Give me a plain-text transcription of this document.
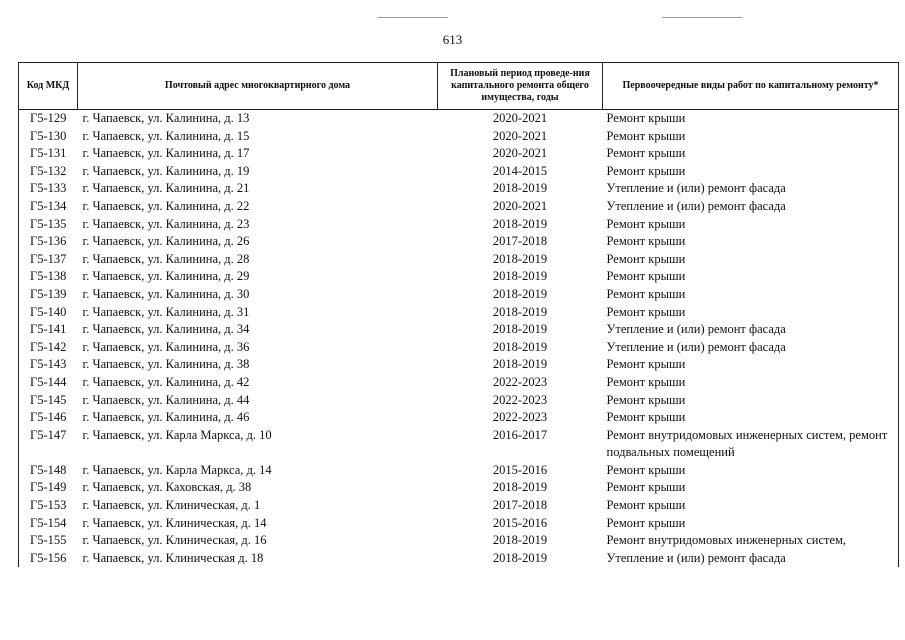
613
Код МКД	Почтовый адрес многоквартирного дома	Плановый период проведе-ния капитального ремонта общего имущества, годы	Первоочередные виды работ по капитальному ремонту*
Г5-129	г. Чапаевск, ул. Калинина, д. 13	2020-2021	Ремонт крыши
Г5-130	г. Чапаевск, ул. Калинина, д. 15	2020-2021	Ремонт крыши
Г5-131	г. Чапаевск, ул. Калинина, д. 17	2020-2021	Ремонт крыши
Г5-132	г. Чапаевск, ул. Калинина, д. 19	2014-2015	Ремонт крыши
Г5-133	г. Чапаевск, ул. Калинина, д. 21	2018-2019	Утепление и (или) ремонт фасада
Г5-134	г. Чапаевск, ул. Калинина, д. 22	2020-2021	Утепление и (или) ремонт фасада
Г5-135	г. Чапаевск, ул. Калинина, д. 23	2018-2019	Ремонт крыши
Г5-136	г. Чапаевск, ул. Калинина, д. 26	2017-2018	Ремонт крыши
Г5-137	г. Чапаевск, ул. Калинина, д. 28	2018-2019	Ремонт крыши
Г5-138	г. Чапаевск, ул. Калинина, д. 29	2018-2019	Ремонт крыши
Г5-139	г. Чапаевск, ул. Калинина, д. 30	2018-2019	Ремонт крыши
Г5-140	г. Чапаевск, ул. Калинина, д. 31	2018-2019	Ремонт крыши
Г5-141	г. Чапаевск, ул. Калинина, д. 34	2018-2019	Утепление и (или) ремонт фасада
Г5-142	г. Чапаевск, ул. Калинина, д. 36	2018-2019	Утепление и (или) ремонт фасада
Г5-143	г. Чапаевск, ул. Калинина, д. 38	2018-2019	Ремонт крыши
Г5-144	г. Чапаевск, ул. Калинина, д. 42	2022-2023	Ремонт крыши
Г5-145	г. Чапаевск, ул. Калинина, д. 44	2022-2023	Ремонт крыши
Г5-146	г. Чапаевск, ул. Калинина, д. 46	2022-2023	Ремонт крыши
Г5-147	г. Чапаевск, ул. Карла Маркса, д. 10	2016-2017	Ремонт внутридомовых инженерных систем, ремонт подвальных помещений
Г5-148	г. Чапаевск, ул. Карла Маркса, д. 14	2015-2016	Ремонт крыши
Г5-149	г. Чапаевск, ул. Каховская, д. 38	2018-2019	Ремонт крыши
Г5-153	г. Чапаевск, ул. Клиническая, д. 1	2017-2018	Ремонт крыши
Г5-154	г. Чапаевск, ул. Клиническая, д. 14	2015-2016	Ремонт крыши
Г5-155	г. Чапаевск, ул. Клиническая, д. 16	2018-2019	Ремонт внутридомовых инженерных систем,
Г5-156	г. Чапаевск, ул. Клиническая д. 18	2018-2019	Утепление и (или) ремонт фасада
